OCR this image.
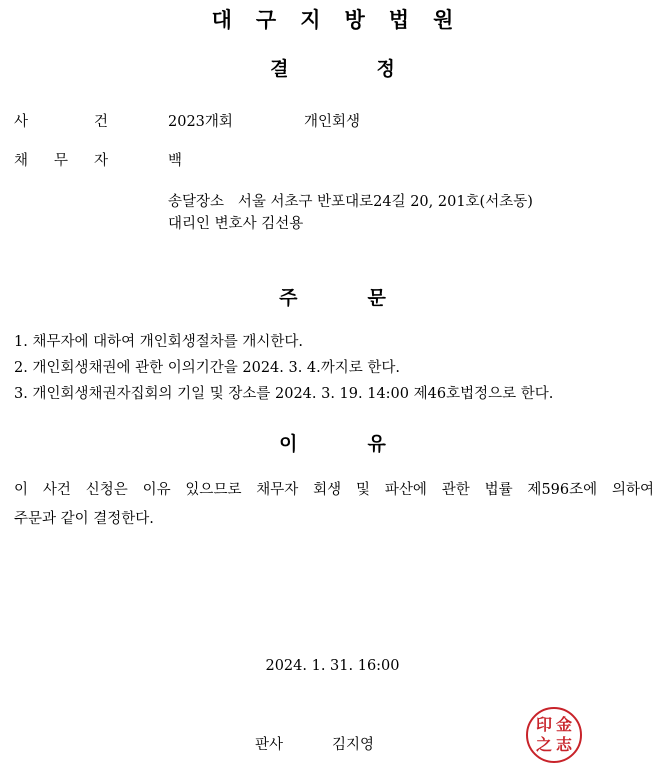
대구지방법원
결	정
사	건	2023개회	개인회생
채 무 자	백
송달장소   서울 서초구 반포대로24길 20, 201호(서초동)
대리인 변호사 김선용
주	문
1. 채무자에 대하여 개인회생절차를 개시한다.
2. 개인회생채권에 관한 이의기간을 2024. 3. 4.까지로 한다.
3. 개인회생채권자집회의 기일 및 장소를 2024. 3. 19. 14:00 제46호법정으로 한다.
이	유
이 사건 신청은 이유 있으므로 채무자 회생 및 파산에 관한 법률 제596조에 의하여
주문과 같이 결정한다.
2024. 1. 31. 16:00
판사	김지영
印 金
之 志
